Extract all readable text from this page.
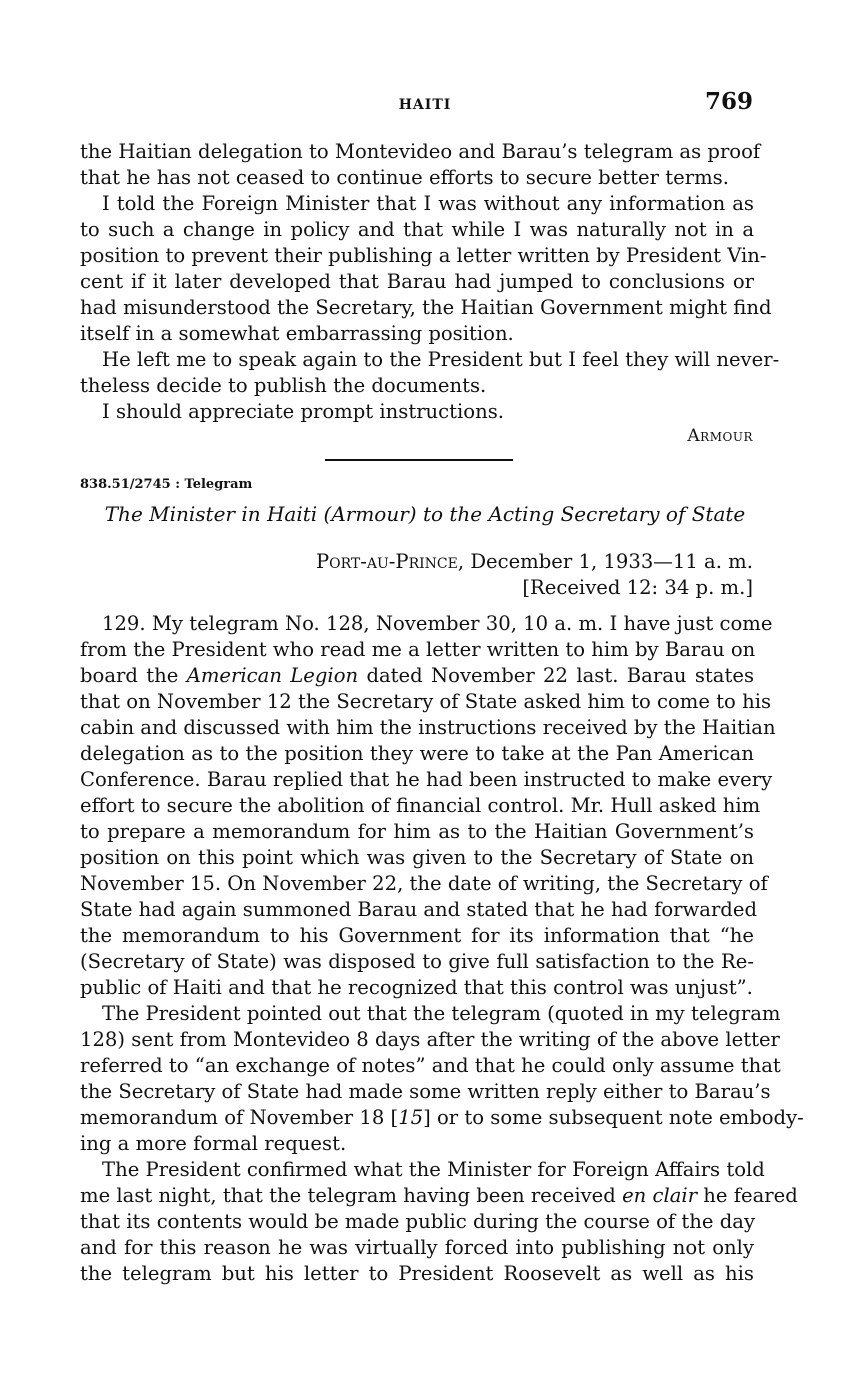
HAITI	769
the Haitian delegation to Montevideo and Barau’s telegram as proof
that he has not ceased to continue efforts to secure better terms.
I told the Foreign Minister that I was without any information as
to such a change in policy and that while I was naturally not in a
position to prevent their publishing a letter written by President Vin-
cent if it later developed that Barau had jumped to conclusions or
had misunderstood the Secretary, the Haitian Government might find
itself in a somewhat embarrassing position.
He left me to speak again to the President but I feel they will never-
theless decide to publish the documents.
I should appreciate prompt instructions.
Armour
838.51/2745 : Telegram
The Minister in Haiti (Armour) to the Acting Secretary of State
Port-au-Prince, December 1, 1933—11 a. m.
[Received 12: 34 p. m.]
129. My telegram No. 128, November 30, 10 a. m. I have just come
from the President who read me a letter written to him by Barau on
board the American Legion dated November 22 last. Barau states
that on November 12 the Secretary of State asked him to come to his
cabin and discussed with him the instructions received by the Haitian
delegation as to the position they were to take at the Pan American
Conference. Barau replied that he had been instructed to make every
effort to secure the abolition of financial control. Mr. Hull asked him
to prepare a memorandum for him as to the Haitian Government’s
position on this point which was given to the Secretary of State on
November 15. On November 22, the date of writing, the Secretary of
State had again summoned Barau and stated that he had forwarded
the memorandum to his Government for its information that “he
(Secretary of State) was disposed to give full satisfaction to the Re-
public of Haiti and that he recognized that this control was unjust”.
The President pointed out that the telegram (quoted in my telegram
128) sent from Montevideo 8 days after the writing of the above letter
referred to “an exchange of notes” and that he could only assume that
the Secretary of State had made some written reply either to Barau’s
memorandum of November 18 [15] or to some subsequent note embody-
ing a more formal request.
The President confirmed what the Minister for Foreign Affairs told
me last night, that the telegram having been received en clair he feared
that its contents would be made public during the course of the day
and for this reason he was virtually forced into publishing not only
the telegram but his letter to President Roosevelt as well as his
